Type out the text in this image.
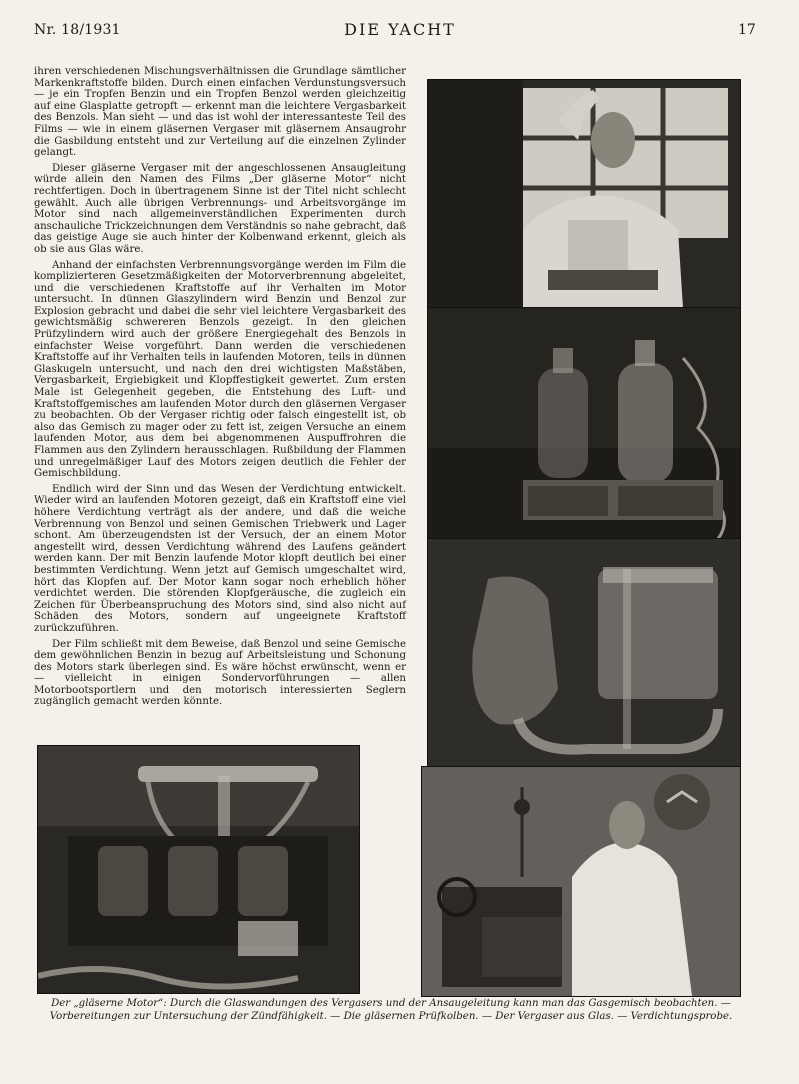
Nr. 18/1931	DIE YACHT	17

ihren verschiedenen Mischungsverhältnissen die Grundlage sämtlicher Markenkraftstoffe bilden. Durch einen einfachen Verdunstungsversuch — je ein Tropfen Benzin und ein Tropfen Benzol werden gleichzeitig auf eine Glasplatte getropft — erkennt man die leichtere Vergasbarkeit des Benzols. Man sieht — und das ist wohl der interessanteste Teil des Films — wie in einem gläsernen Vergaser mit gläsernem Ansaugrohr die Gasbildung entsteht und zur Verteilung auf die einzelnen Zylinder gelangt.

Dieser gläserne Vergaser mit der angeschlossenen Ansaugleitung würde allein den Namen des Films „Der gläserne Motor“ nicht rechtfertigen. Doch in übertragenem Sinne ist der Titel nicht schlecht gewählt. Auch alle übrigen Verbrennungs- und Arbeitsvorgänge im Motor sind nach allgemeinverständlichen Experimenten durch anschauliche Trickzeichnungen dem Verständnis so nahe gebracht, daß das geistige Auge sie auch hinter der Kolbenwand erkennt, gleich als ob sie aus Glas wäre.

Anhand der einfachsten Verbrennungsvorgänge werden im Film die komplizierteren Gesetzmäßigkeiten der Motorverbrennung abgeleitet, und die verschiedenen Kraftstoffe auf ihr Verhalten im Motor untersucht. In dünnen Glaszylindern wird Benzin und Benzol zur Explosion gebracht und dabei die sehr viel leichtere Vergasbarkeit des gewichtsmäßig schwereren Benzols gezeigt. In den gleichen Prüfzylindern wird auch der größere Energiegehalt des Benzols in einfachster Weise vorgeführt. Dann werden die verschiedenen Kraftstoffe auf ihr Verhalten teils in laufenden Motoren, teils in dünnen Glaskugeln untersucht, und nach den drei wichtigsten Maßstäben, Vergasbarkeit, Ergiebigkeit und Klopffestigkeit gewertet. Zum ersten Male ist Gelegenheit gegeben, die Entstehung des Luft- und Kraftstoffgemisches am laufenden Motor durch den gläsernen Vergaser zu beobachten. Ob der Vergaser richtig oder falsch eingestellt ist, ob also das Gemisch zu mager oder zu fett ist, zeigen Versuche an einem laufenden Motor, aus dem bei abgenommenen Auspuffrohren die Flammen aus den Zylindern herausschlagen. Rußbildung der Flammen und unregelmäßiger Lauf des Motors zeigen deutlich die Fehler der Gemischbildung.

Endlich wird der Sinn und das Wesen der Verdichtung entwickelt. Wieder wird an laufenden Motoren gezeigt, daß ein Kraftstoff eine viel höhere Verdichtung verträgt als der andere, und daß die weiche Verbrennung von Benzol und seinen Gemischen Triebwerk und Lager schont. Am überzeugendsten ist der Versuch, der an einem Motor angestellt wird, dessen Verdichtung während des Laufens geändert werden kann. Der mit Benzin laufende Motor klopft deutlich bei einer bestimmten Verdichtung. Wenn jetzt auf Gemisch umgeschaltet wird, hört das Klopfen auf. Der Motor kann sogar noch erheblich höher verdichtet werden. Die störenden Klopfgeräusche, die zugleich ein Zeichen für Überbeanspruchung des Motors sind, sind also nicht auf Schäden des Motors, sondern auf ungeeignete Kraftstoff zurückzuführen.

Der Film schließt mit dem Beweise, daß Benzol und seine Gemische dem gewöhnlichen Benzin in bezug auf Arbeitsleistung und Schonung des Motors stark überlegen sind. Es wäre höchst erwünscht, wenn er — vielleicht in einigen Sondervorführungen — allen Motorbootsportlern und den motorisch interessierten Seglern zugänglich gemacht werden könnte.

Der „gläserne Motor“: Durch die Glaswandungen des Vergasers und der Ansaugeleitung kann man das Gasgemisch beobachten. — Vorbereitungen zur Untersuchung der Zündfähigkeit. — Die gläsernen Prüfkolben. — Der Vergaser aus Glas. — Verdichtungsprobe.
